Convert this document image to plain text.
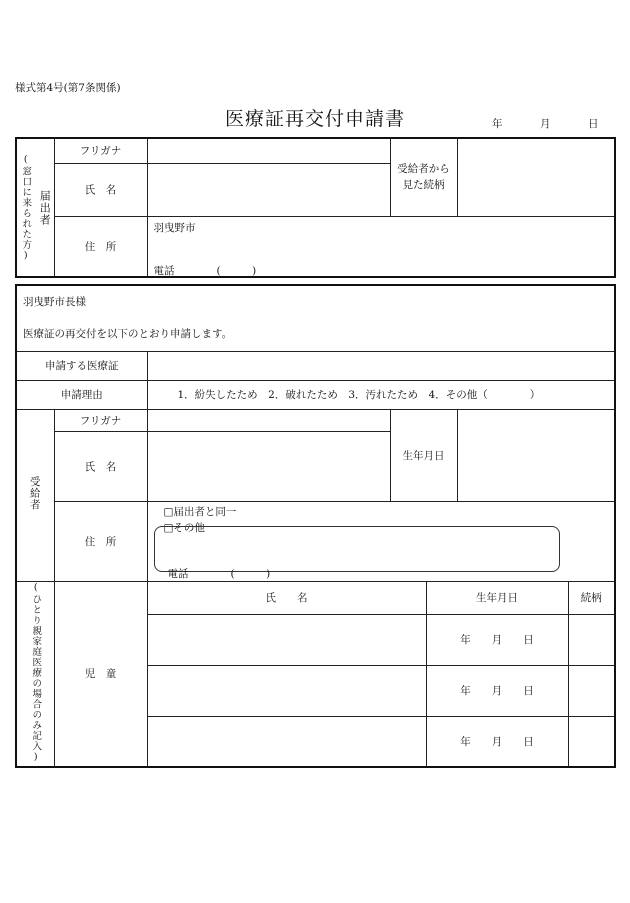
様式第4号(第7条関係)
医療証再交付申請書	年	月	日
届出者
(窓口に来られた方)	フリガナ		受給者から見た続柄	
	氏　名			
	住　所	羽曳野市
電話　　　　(　　　)		
羽曳野市長様						
医療証の再交付を以下のとおり申請します。						
申請する医療証						
申請理由		1．紛失したため　2．破れたため　3．汚れたため　4．その他（　　　　）				
受給者	フリガナ		生年月日			
	氏　名					
	住　所	□届出者と同一
□その他
電話　　　　(　　　)				

(ひとり親家庭医療の場合のみ記入)	児　童	氏　　名		生年月日		続柄
				年　　月　　日		
				年　　月　　日		
				年　　月　　日		
